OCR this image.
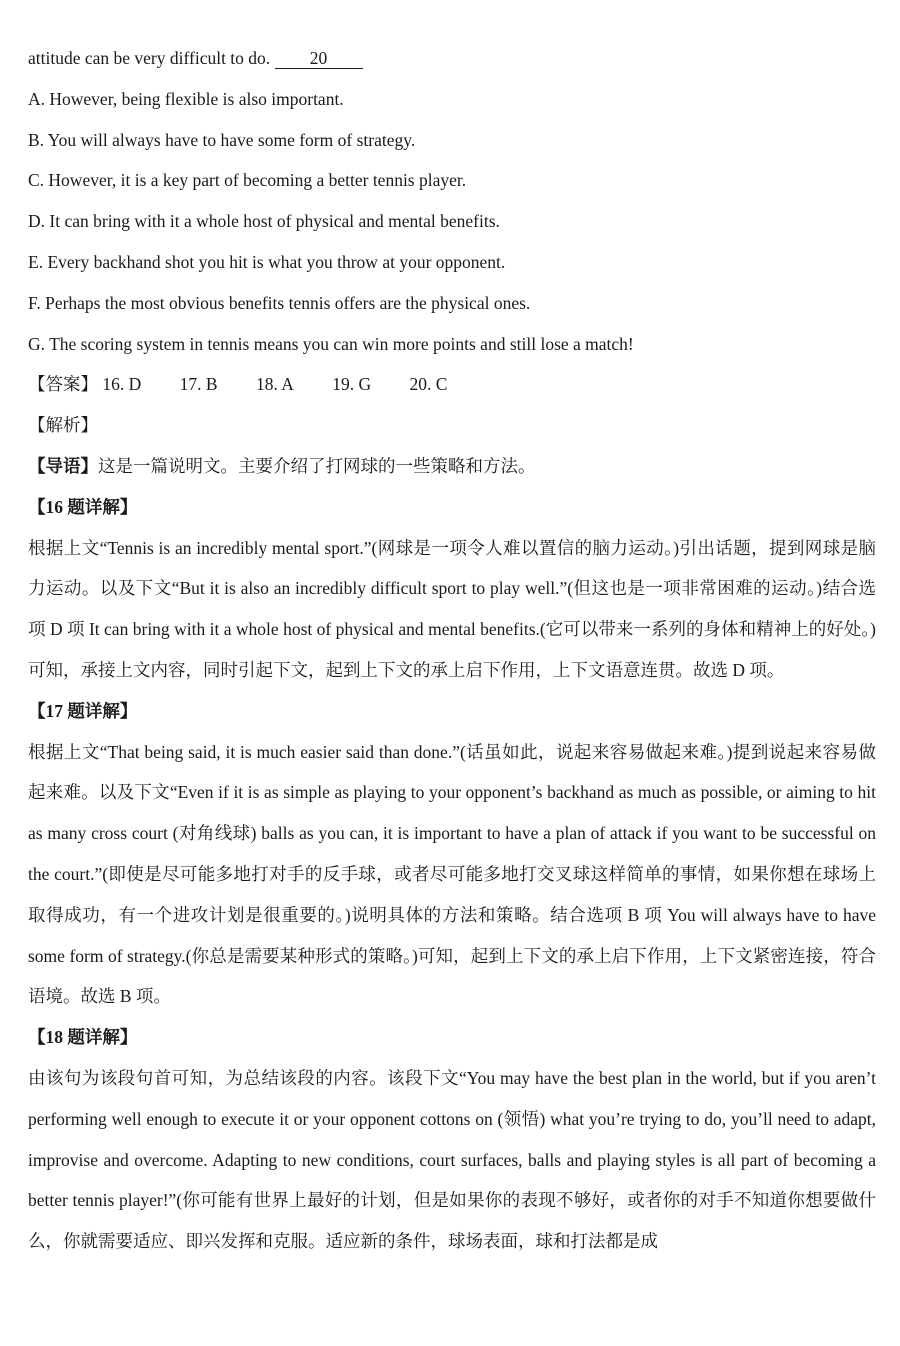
attitude can be very difficult to do. 20
A. However, being flexible is also important.
B. You will always have to have some form of strategy.
C. However, it is a key part of becoming a better tennis player.
D. It can bring with it a whole host of physical and mental benefits.
E. Every backhand shot you hit is what you throw at your opponent.
F. Perhaps the most obvious benefits tennis offers are the physical ones.
G. The scoring system in tennis means you can win more points and still lose a match!
【答案】 16. D 17. B 18. A 19. G 20. C
【解析】
【导语】这是一篇说明文。主要介绍了打网球的一些策略和方法。
【16 题详解】
根据上文“Tennis is an incredibly mental sport.”(网球是一项令人难以置信的脑力运动。)引出话题，提到网球是脑力运动。以及下文“But it is also an incredibly difficult sport to play well.”(但这也是一项非常困难的运动。)结合选项 D 项 It can bring with it a whole host of physical and mental benefits.(它可以带来一系列的身体和精神上的好处。)可知，承接上文内容，同时引起下文，起到上下文的承上启下作用，上下文语意连贯。故选 D 项。
【17 题详解】
根据上文“That being said, it is much easier said than done.”(话虽如此，说起来容易做起来难。)提到说起来容易做起来难。以及下文“Even if it is as simple as playing to your opponent’s backhand as much as possible, or aiming to hit as many cross court (对角线球) balls as you can, it is important to have a plan of attack if you want to be successful on the court.”(即使是尽可能多地打对手的反手球，或者尽可能多地打交叉球这样简单的事情，如果你想在球场上取得成功，有一个进攻计划是很重要的。)说明具体的方法和策略。结合选项 B 项 You will always have to have some form of strategy.(你总是需要某种形式的策略。)可知，起到上下文的承上启下作用，上下文紧密连接，符合语境。故选 B 项。
【18 题详解】
由该句为该段句首可知，为总结该段的内容。该段下文“You may have the best plan in the world, but if you aren’t performing well enough to execute it or your opponent cottons on (领悟) what you’re trying to do, you’ll need to adapt, improvise and overcome. Adapting to new conditions, court surfaces, balls and playing styles is all part of becoming a better tennis player!”(你可能有世界上最好的计划，但是如果你的表现不够好，或者你的对手不知道你想要做什么，你就需要适应、即兴发挥和克服。适应新的条件，球场表面，球和打法都是成
